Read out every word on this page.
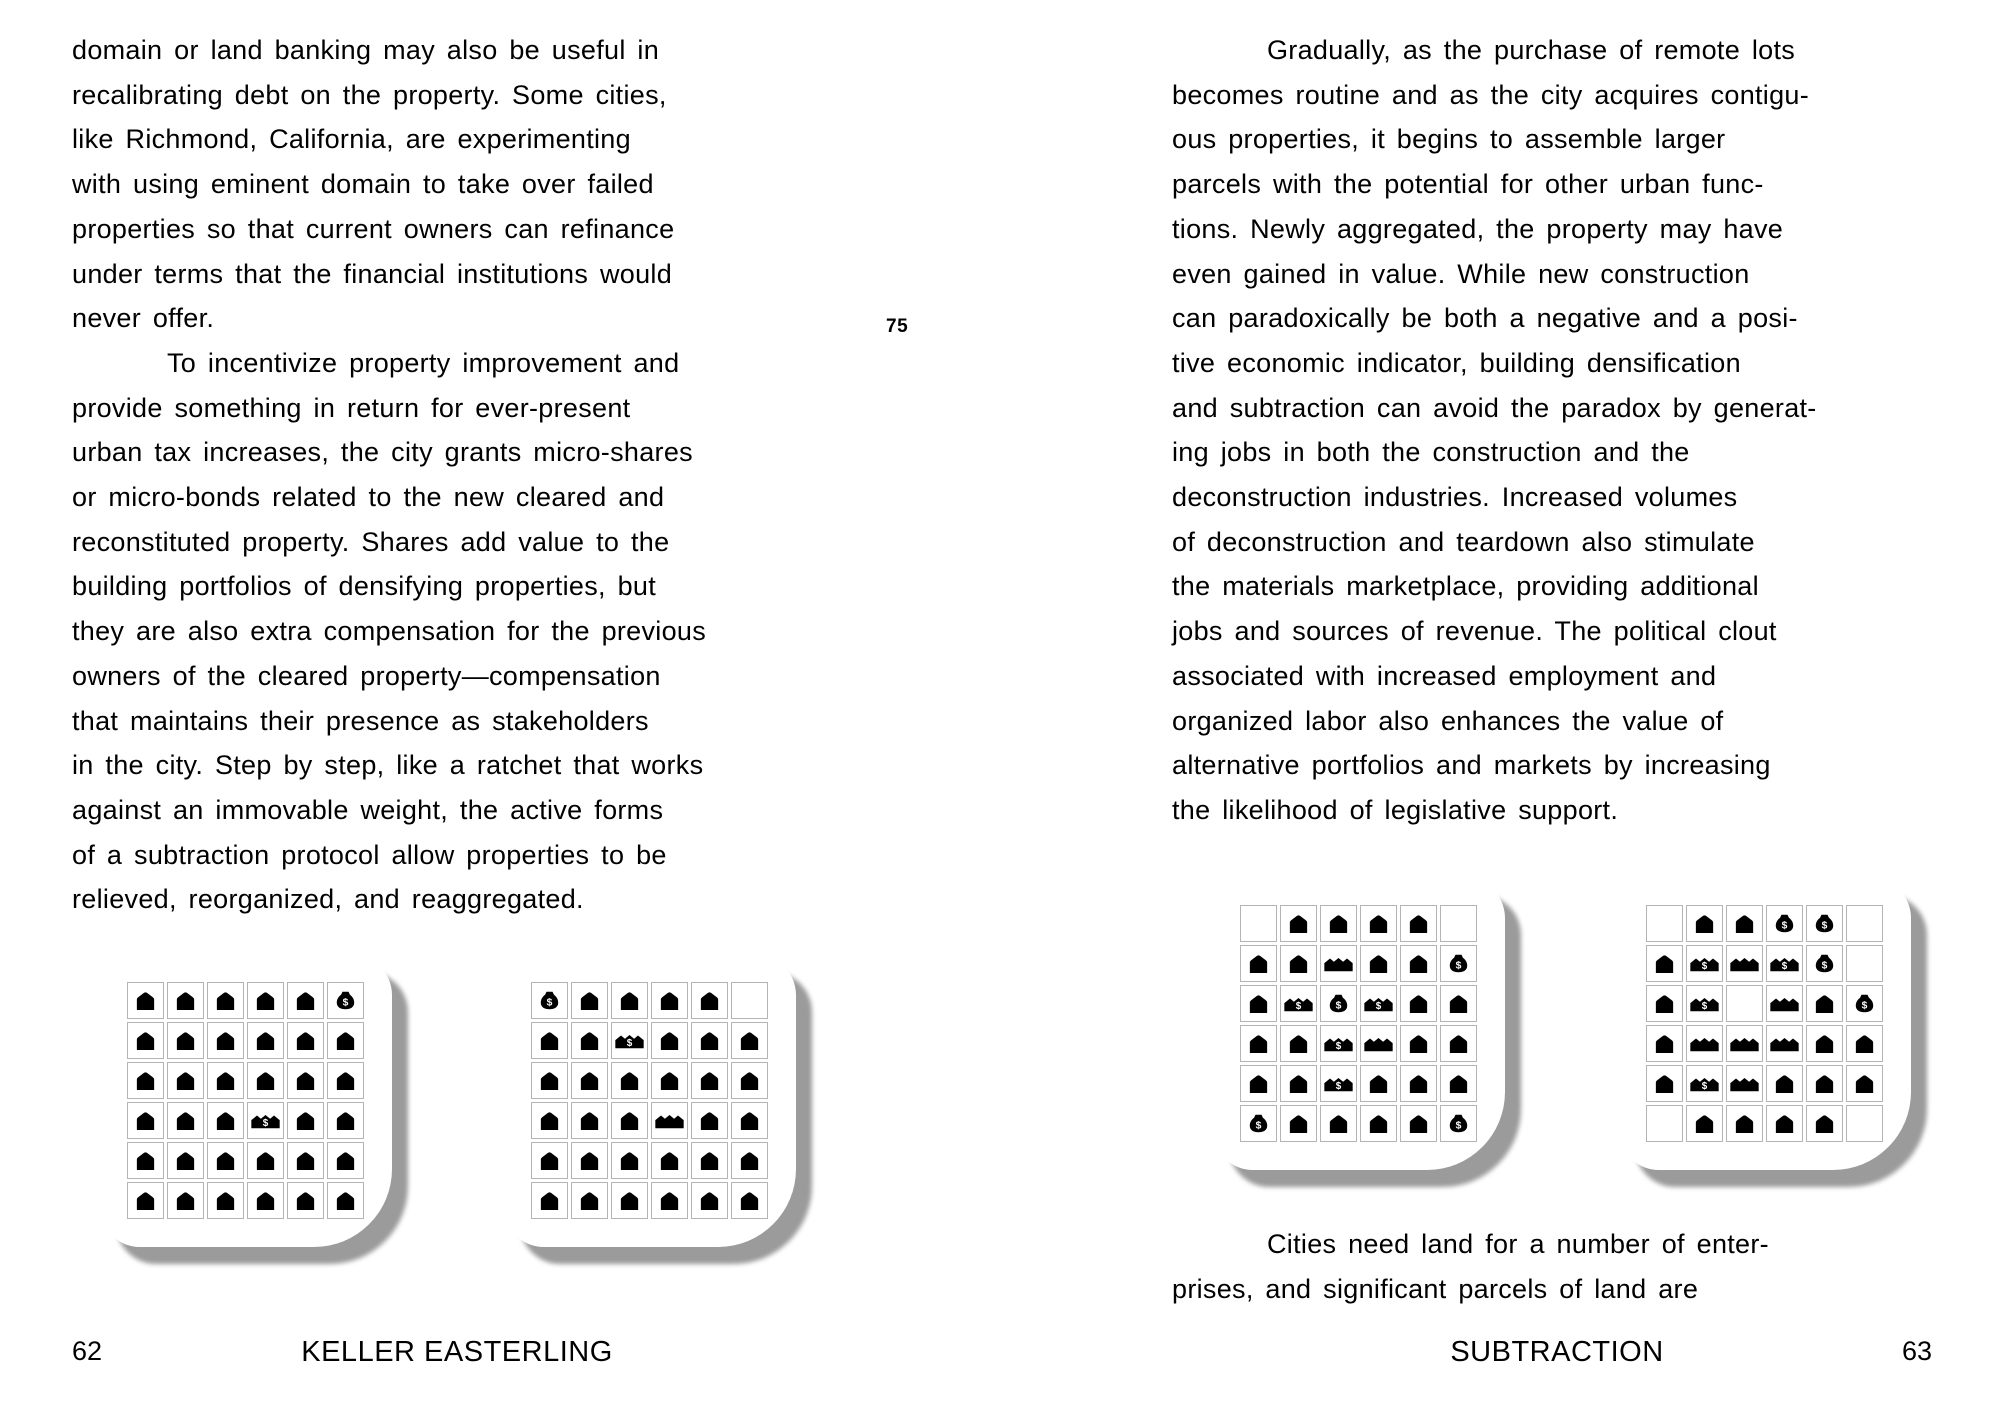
domain or land banking may also be useful in
recalibrating debt on the property. Some cities,
like Richmond, California, are experimenting
with using eminent domain to take over failed
properties so that current owners can refinance
under terms that the financial institutions would
never offer.
To incentivize property improvement and
provide something in return for ever-present
urban tax increases, the city grants micro-shares
or micro-bonds related to the new cleared and
reconstituted property. Shares add value to the
building portfolios of densifying properties, but
they are also extra compensation for the previous
owners of the cleared property—compensation
that maintains their presence as stakeholders
in the city. Step by step, like a ratchet that works
against an immovable weight, the active forms
of a subtraction protocol allow properties to be
relieved, reorganized, and reaggregated.
75
Gradually, as the purchase of remote lots
becomes routine and as the city acquires contigu-
ous properties, it begins to assemble larger
parcels with the potential for other urban func-
tions. Newly aggregated, the property may have
even gained in value. While new construction
can paradoxically be both a negative and a posi-
tive economic indicator, building densification
and subtraction can avoid the paradox by generat-
ing jobs in both the construction and the
deconstruction industries. Increased volumes
of deconstruction and teardown also stimulate
the materials marketplace, providing additional
jobs and sources of revenue. The political clout
associated with increased employment and
organized labor also enhances the value of
alternative portfolios and markets by increasing
the likelihood of legislative support.
$
$
$
$
$
$	$ $
$
$
$	$
$	$
$	$	$
$	$
$
Cities need land for a number of enter-
prises, and significant parcels of land are
62	KELLER EASTERLING	SUBTRACTION	63
